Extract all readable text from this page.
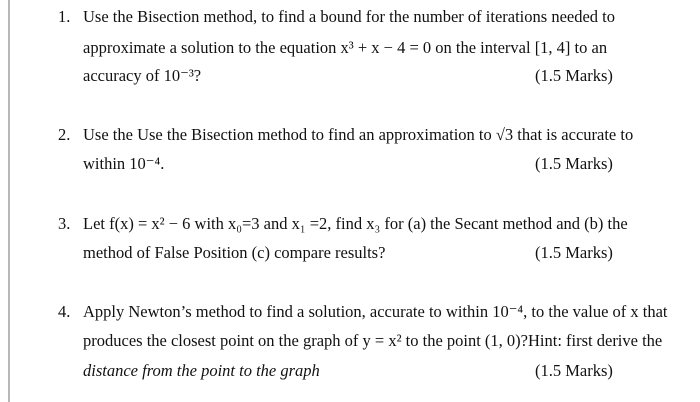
1. Use the Bisection method, to find a bound for the number of iterations needed to
approximate a solution to the equation x³ + x − 4 = 0 on the interval [1, 4] to an
accuracy of 10⁻³?	(1.5 Marks)
2. Use the Use the Bisection method to find an approximation to √3 that is accurate to
within 10⁻⁴.	(1.5 Marks)
3. Let f(x) = x² − 6 with x₀=3 and x₁ =2, find x₃ for (a) the Secant method and (b) the
method of False Position (c) compare results?	(1.5 Marks)
4. Apply Newton’s method to find a solution, accurate to within 10⁻⁴, to the value of x that
produces the closest point on the graph of y = x² to the point (1, 0)?Hint: first derive the
distance from the point to the graph	(1.5 Marks)
